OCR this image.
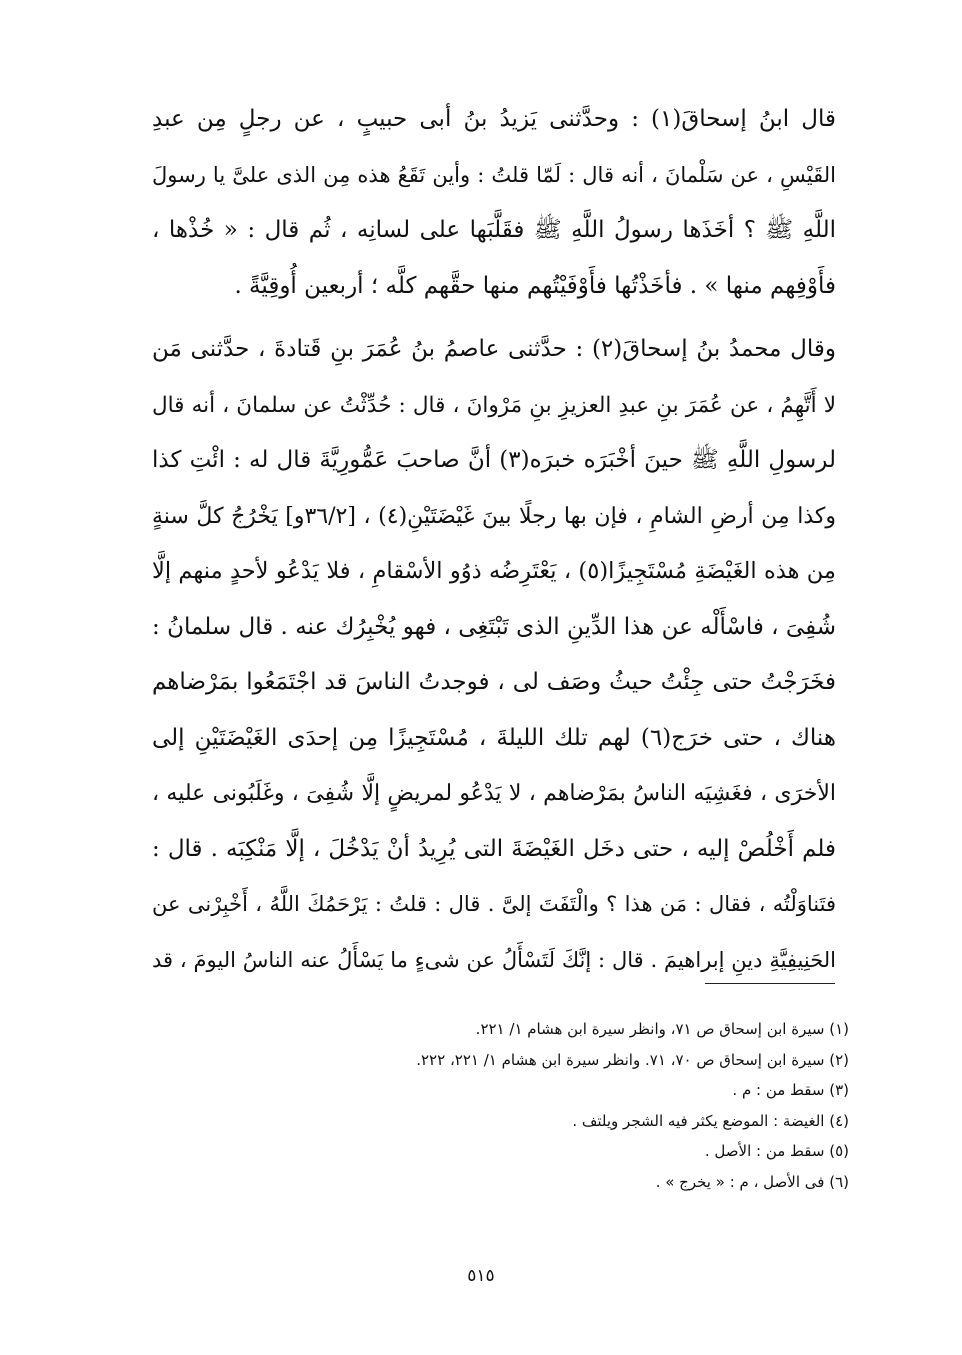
قال ابنُ إسحاقَ(١) : وحدَّثنى يَزيدُ بنُ أبى حبيبٍ ، عن رجلٍ مِن عبدِ
القَيْسِ ، عن سَلْمانَ ، أنه قال : لَمّا قلتُ : وأين تَقَعُ هذه مِن الذى علىَّ يا رسولَ
اللَّهِ ﷺ ؟ أخَذَها رسولُ اللَّهِ ﷺ فقَلَّبَها على لسانِه ، ثُم قال : « خُذْها ،
فأَوْفِهم منها » . فأخَذْتُها فأَوْفَيْتُهم منها حقَّهم كلَّه ؛ أربعين أُوقِيَّةً .

وقال محمدُ بنُ إسحاقَ(٢) : حدَّثنى عاصمُ بنُ عُمَرَ بنِ قَتادةَ ، حدَّثنى مَن
لا أَتَّهِمُ ، عن عُمَرَ بنِ عبدِ العزيزِ بنِ مَرْوانَ ، قال : حُدِّثْتُ عن سلمانَ ، أنه قال
لرسولِ اللَّهِ ﷺ حينَ أخْبَرَه خبرَه(٣) أنَّ صاحبَ عَمُّورِيَّةَ قال له : ائْتِ كذا
وكذا مِن أرضِ الشامِ ، فإن بها رجلًا بينَ غَيْضَتَيْنِ(٤) ، [٣٦/٢و] يَخْرُجُ كلَّ سنةٍ
مِن هذه الغَيْضَةِ مُسْتَجِيزًا(٥) ، يَعْتَرِضُه ذوُو الأسْقامِ ، فلا يَدْعُو لأحدٍ منهم إلَّا
شُفِىَ ، فاسْأَلْه عن هذا الدِّينِ الذى تَبْتَغِى ، فهو يُخْبِرُك عنه . قال سلمانُ :
فخَرَجْتُ حتى جِئْتُ حيثُ وصَف لى ، فوجدتُ الناسَ قد اجْتَمَعُوا بمَرْضاهم
هناك ، حتى خرَج(٦) لهم تلك الليلةَ ، مُسْتَجِيزًا مِن إحدَى الغَيْضَتَيْنِ إلى
الأخرَى ، فغَشِيَه الناسُ بمَرْضاهم ، لا يَدْعُو لمريضٍ إلَّا شُفِىَ ، وغَلَبُونى عليه ،
فلم أَخْلُصْ إليه ، حتى دخَل الغَيْضَةَ التى يُرِيدُ أنْ يَدْخُلَ ، إلَّا مَنْكِبَه . قال :
فتَناوَلْتُه ، فقال : مَن هذا ؟ والْتَفَتَ إلىَّ . قال : قلتُ : يَرْحَمُكَ اللَّهُ ، أَخْبِرْنى عن
الحَنِيفِيَّةِ دينِ إبراهيمَ . قال : إنَّكَ لَتَسْأَلُ عن شىءٍ ما يَسْأَلُ عنه الناسُ اليومَ ، قد

(١) سيرة ابن إسحاق ص ٧١، وانظر سيرة ابن هشام ١/ ٢٢١.
(٢) سيرة ابن إسحاق ص ٧٠، ٧١. وانظر سيرة ابن هشام ١/ ٢٢١، ٢٢٢.
(٣) سقط من : م .
(٤) الغيضة : الموضع يكثر فيه الشجر ويلتف .
(٥) سقط من : الأصل .
(٦) فى الأصل ، م : « يخرج » .
٥١٥
